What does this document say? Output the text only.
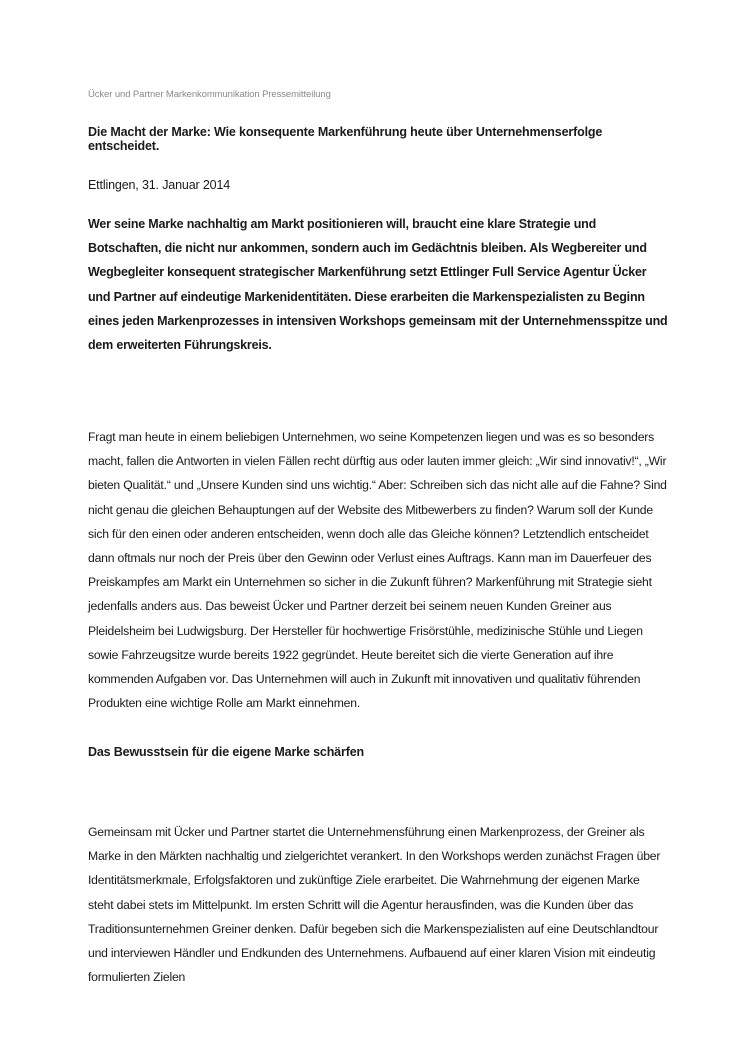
Ücker und Partner Markenkommunikation Pressemitteilung
Die Macht der Marke: Wie konsequente Markenführung heute über Unternehmenserfolge entscheidet.
Ettlingen, 31. Januar 2014

Wer seine Marke nachhaltig am Markt positionieren will, braucht eine klare Strategie und Botschaften, die nicht nur ankommen, sondern auch im Gedächtnis bleiben. Als Wegbereiter und Wegbegleiter konsequent strategischer Markenführung setzt Ettlinger Full Service Agentur Ücker und Partner auf eindeutige Markenidentitäten. Diese erarbeiten die Markenspezialisten zu Beginn eines jeden Markenprozesses in intensiven Workshops gemeinsam mit der Unternehmensspitze und dem erweiterten Führungskreis.

Fragt man heute in einem beliebigen Unternehmen, wo seine Kompetenzen liegen und was es so besonders macht, fallen die Antworten in vielen Fällen recht dürftig aus oder lauten immer gleich: „Wir sind innovativ!“, „Wir bieten Qualität.“ und „Unsere Kunden sind uns wichtig.“ Aber: Schreiben sich das nicht alle auf die Fahne? Sind nicht genau die gleichen Behauptungen auf der Website des Mitbewerbers zu finden? Warum soll der Kunde sich für den einen oder anderen entscheiden, wenn doch alle das Gleiche können? Letztendlich entscheidet dann oftmals nur noch der Preis über den Gewinn oder Verlust eines Auftrags. Kann man im Dauerfeuer des Preiskampfes am Markt ein Unternehmen so sicher in die Zukunft führen? Markenführung mit Strategie sieht jedenfalls anders aus. Das beweist Ücker und Partner derzeit bei seinem neuen Kunden Greiner aus Pleidelsheim bei Ludwigsburg. Der Hersteller für hochwertige Frisörstühle, medizinische Stühle und Liegen sowie Fahrzeugsitze wurde bereits 1922 gegründet. Heute bereitet sich die vierte Generation auf ihre kommenden Aufgaben vor. Das Unternehmen will auch in Zukunft mit innovativen und qualitativ führenden Produkten eine wichtige Rolle am Markt einnehmen.

Das Bewusstsein für die eigene Marke schärfen

Gemeinsam mit Ücker und Partner startet die Unternehmensführung einen Markenprozess, der Greiner als Marke in den Märkten nachhaltig und zielgerichtet verankert. In den Workshops werden zunächst Fragen über Identitätsmerkmale, Erfolgsfaktoren und zukünftige Ziele erarbeitet. Die Wahrnehmung der eigenen Marke steht dabei stets im Mittelpunkt. Im ersten Schritt will die Agentur herausfinden, was die Kunden über das Traditionsunternehmen Greiner denken. Dafür begeben sich die Markenspezialisten auf eine Deutschlandtour und interviewen Händler und Endkunden des Unternehmens. Aufbauend auf einer klaren Vision mit eindeutig formulierten Zielen
